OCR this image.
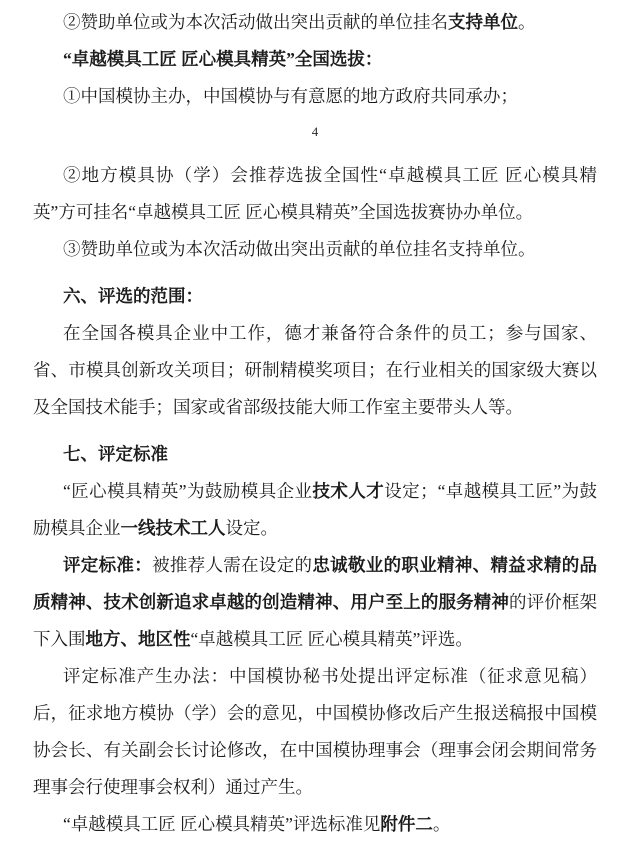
②赞助单位或为本次活动做出突出贡献的单位挂名支持单位。

“卓越模具工匠 匠心模具精英”全国选拔：

①中国模协主办，中国模协与有意愿的地方政府共同承办；

4

②地方模具协（学）会推荐选拔全国性“卓越模具工匠 匠心模具精英”方可挂名“卓越模具工匠 匠心模具精英”全国选拔赛协办单位。

③赞助单位或为本次活动做出突出贡献的单位挂名支持单位。

六、评选的范围：

在全国各模具企业中工作，德才兼备符合条件的员工；参与国家、省、市模具创新攻关项目；研制精模奖项目；在行业相关的国家级大赛以及全国技术能手；国家或省部级技能大师工作室主要带头人等。

七、评定标准

“匠心模具精英”为鼓励模具企业技术人才设定；“卓越模具工匠”为鼓励模具企业一线技术工人设定。

评定标准：被推荐人需在设定的忠诚敬业的职业精神、精益求精的品质精神、技术创新追求卓越的创造精神、用户至上的服务精神的评价框架下入围地方、地区性“卓越模具工匠 匠心模具精英”评选。

评定标准产生办法：中国模协秘书处提出评定标准（征求意见稿）后，征求地方模协（学）会的意见，中国模协修改后产生报送稿报中国模协会长、有关副会长讨论修改，在中国模协理事会（理事会闭会期间常务理事会行使理事会权利）通过产生。

“卓越模具工匠 匠心模具精英”评选标准见附件二。
